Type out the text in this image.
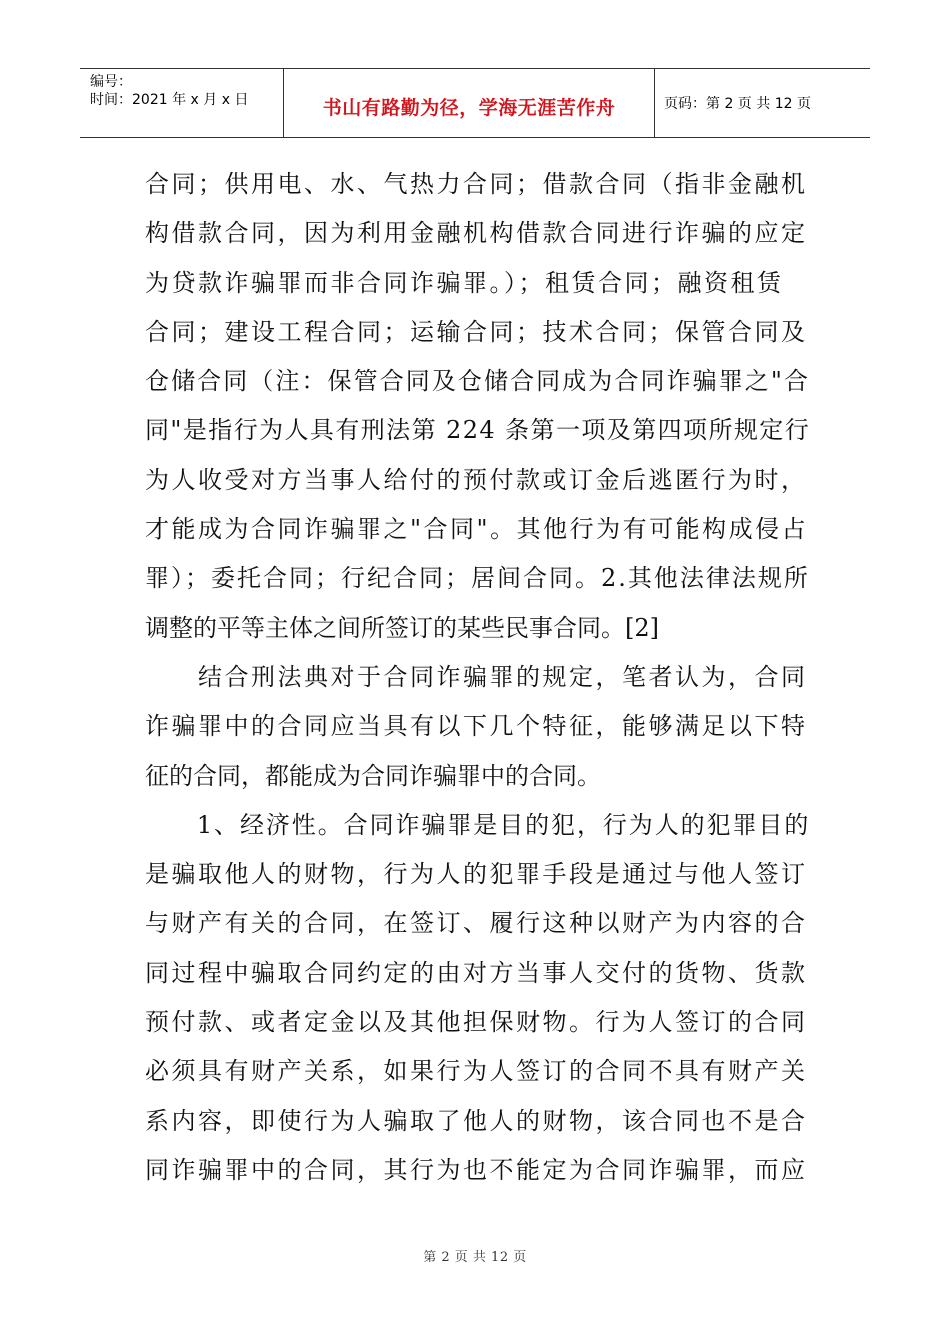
编号：
时间：2021 年 x 月 x 日	书山有路勤为径，学海无涯苦作舟	页码：第 2 页 共 12 页
合同；供用电、水、气热力合同；借款合同（指非金融机
构借款合同，因为利用金融机构借款合同进行诈骗的应定
为贷款诈骗罪而非合同诈骗罪。）；租赁合同；融资租赁
合同；建设工程合同；运输合同；技术合同；保管合同及
仓储合同（注：保管合同及仓储合同成为合同诈骗罪之"合
同"是指行为人具有刑法第 224 条第一项及第四项所规定行
为人收受对方当事人给付的预付款或订金后逃匿行为时，
才能成为合同诈骗罪之"合同"。其他行为有可能构成侵占
罪）；委托合同；行纪合同；居间合同。2.其他法律法规所
调整的平等主体之间所签订的某些民事合同。[2]
　　结合刑法典对于合同诈骗罪的规定，笔者认为，合同
诈骗罪中的合同应当具有以下几个特征，能够满足以下特
征的合同，都能成为合同诈骗罪中的合同。
　　1、经济性。合同诈骗罪是目的犯，行为人的犯罪目的
是骗取他人的财物，行为人的犯罪手段是通过与他人签订
与财产有关的合同，在签订、履行这种以财产为内容的合
同过程中骗取合同约定的由对方当事人交付的货物、货款
预付款、或者定金以及其他担保财物。行为人签订的合同
必须具有财产关系，如果行为人签订的合同不具有财产关
系内容，即使行为人骗取了他人的财物，该合同也不是合
同诈骗罪中的合同，其行为也不能定为合同诈骗罪，而应
第 2 页 共 12 页
